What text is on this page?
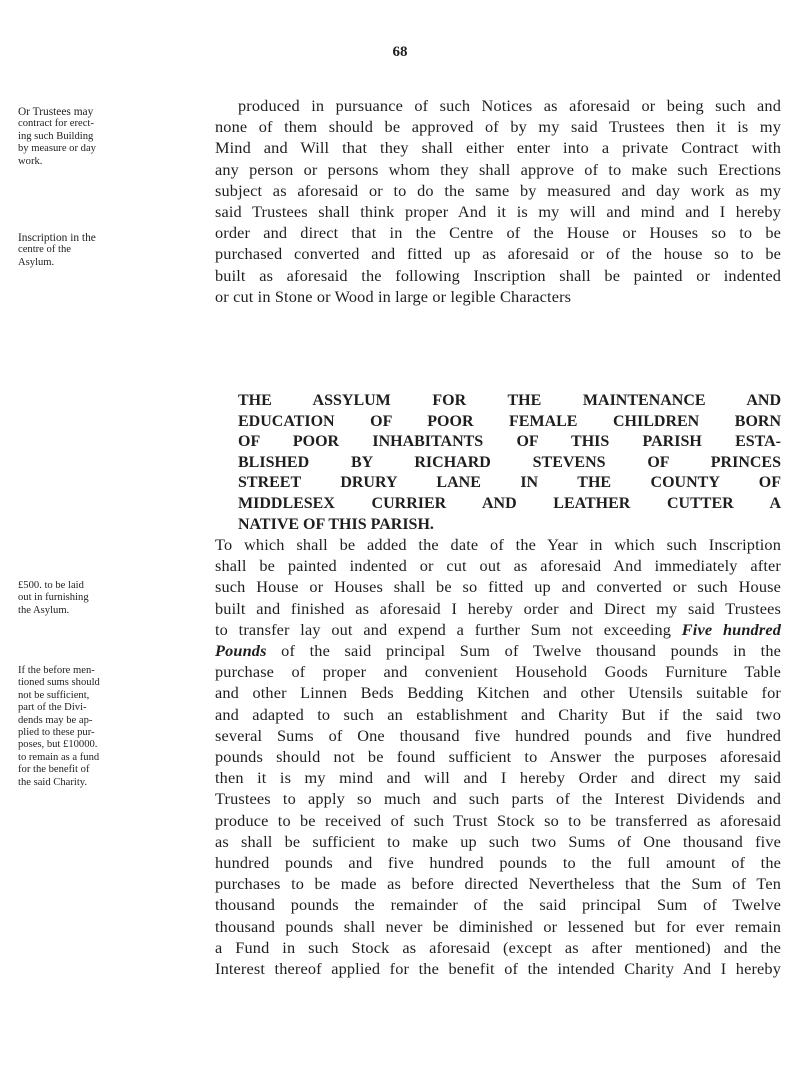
68
Or Trustees may
contract for erect-
ing such Building
by measure or day
work.
Inscription in the
centre of the
Asylum.
£500. to be laid
out in furnishing
the Asylum.
If the before men-
tioned sums should
not be sufficient,
part of the Divi-
dends may be ap-
plied to these pur-
poses, but £10000.
to remain as a fund
for the benefit of
the said Charity.
produced in pursuance of such Notices as aforesaid or being such and
none of them should be approved of by my said Trustees then it is my
Mind and Will that they shall either enter into a private Contract with
any person or persons whom they shall approve of to make such Erections
subject as aforesaid or to do the same by measured and day work as my
said Trustees shall think proper And it is my will and mind and I hereby
order and direct that in the Centre of the House or Houses so to be
purchased converted and fitted up as aforesaid or of the house so to be
built as aforesaid the following Inscription shall be painted or indented
or cut in Stone or Wood in large or legible Characters
THE ASSYLUM FOR THE MAINTENANCE AND
EDUCATION OF POOR FEMALE CHILDREN BORN
OF POOR INHABITANTS OF THIS PARISH ESTA-
BLISHED BY RICHARD STEVENS OF PRINCES
STREET DRURY LANE IN THE COUNTY OF
MIDDLESEX CURRIER AND LEATHER CUTTER A
NATIVE OF THIS PARISH.
To which shall be added the date of the Year in which such Inscription
shall be painted indented or cut out as aforesaid And immediately after
such House or Houses shall be so fitted up and converted or such House
built and finished as aforesaid I hereby order and Direct my said Trustees
to transfer lay out and expend a further Sum not exceeding Five hundred
Pounds of the said principal Sum of Twelve thousand pounds in the
purchase of proper and convenient Household Goods Furniture Table
and other Linnen Beds Bedding Kitchen and other Utensils suitable for
and adapted to such an establishment and Charity But if the said two
several Sums of One thousand five hundred pounds and five hundred
pounds should not be found sufficient to Answer the purposes aforesaid
then it is my mind and will and I hereby Order and direct my said
Trustees to apply so much and such parts of the Interest Dividends and
produce to be received of such Trust Stock so to be transferred as aforesaid
as shall be sufficient to make up such two Sums of One thousand five
hundred pounds and five hundred pounds to the full amount of the
purchases to be made as before directed Nevertheless that the Sum of Ten
thousand pounds the remainder of the said principal Sum of Twelve
thousand pounds shall never be diminished or lessened but for ever remain
a Fund in such Stock as aforesaid (except as after mentioned) and the
Interest thereof applied for the benefit of the intended Charity And I hereby
